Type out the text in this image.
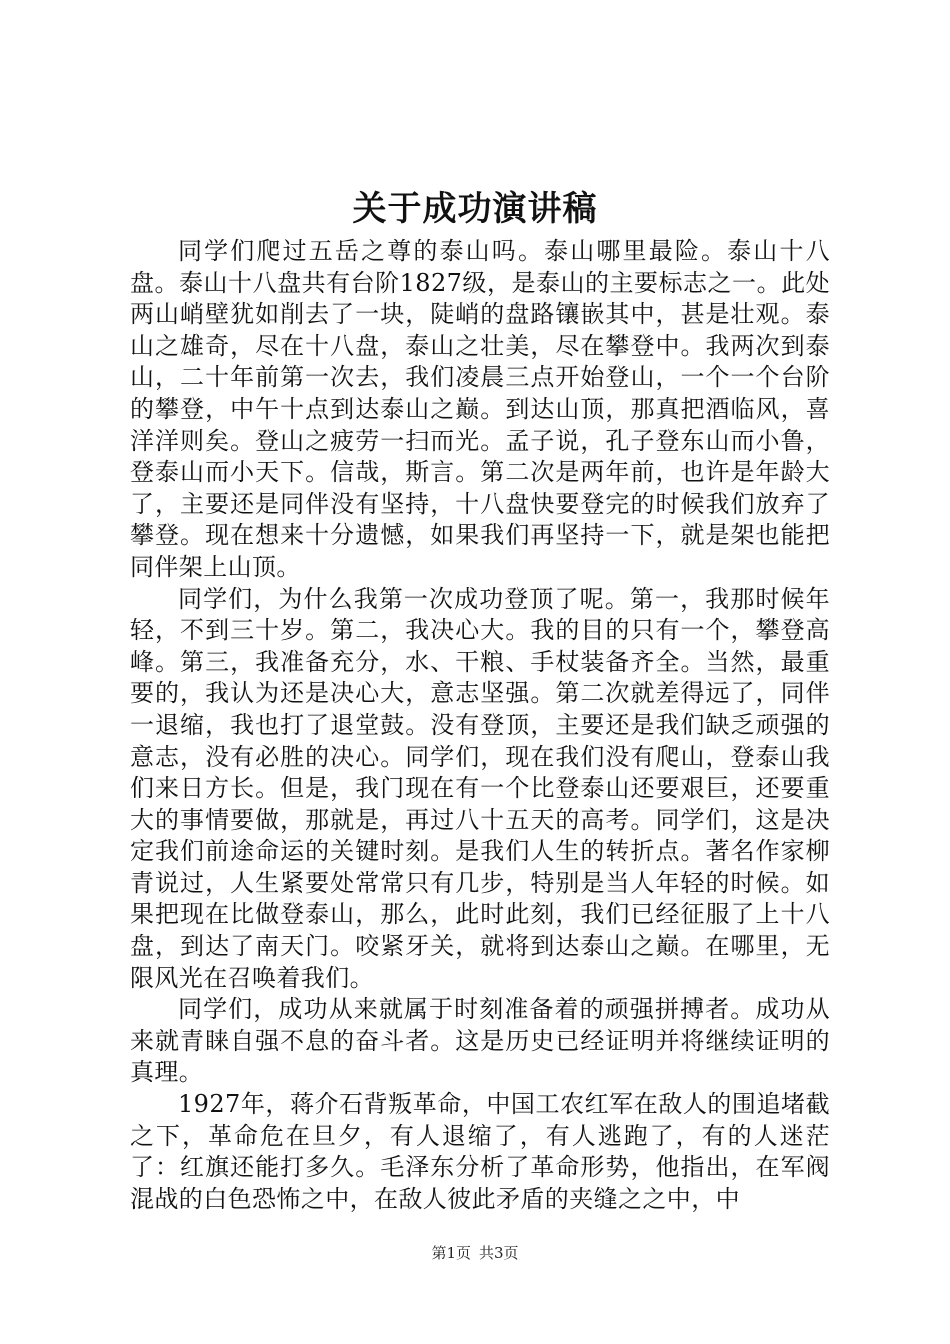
关于成功演讲稿

同学们爬过五岳之尊的泰山吗。泰山哪里最险。泰山十八盘。泰山十八盘共有台阶1827级，是泰山的主要标志之一。此处两山峭壁犹如削去了一块，陡峭的盘路镶嵌其中，甚是壮观。泰山之雄奇，尽在十八盘，泰山之壮美，尽在攀登中。我两次到泰山，二十年前第一次去，我们凌晨三点开始登山，一个一个台阶的攀登，中午十点到达泰山之巅。到达山顶，那真把酒临风，喜洋洋则矣。登山之疲劳一扫而光。孟子说，孔子登东山而小鲁，登泰山而小天下。信哉，斯言。第二次是两年前，也许是年龄大了，主要还是同伴没有坚持，十八盘快要登完的时候我们放弃了攀登。现在想来十分遗憾，如果我们再坚持一下，就是架也能把同伴架上山顶。

同学们，为什么我第一次成功登顶了呢。第一，我那时候年轻，不到三十岁。第二，我决心大。我的目的只有一个，攀登高峰。第三，我准备充分，水、干粮、手杖装备齐全。当然，最重要的，我认为还是决心大，意志坚强。第二次就差得远了，同伴一退缩，我也打了退堂鼓。没有登顶，主要还是我们缺乏顽强的意志，没有必胜的决心。同学们，现在我们没有爬山，登泰山我们来日方长。但是，我门现在有一个比登泰山还要艰巨，还要重大的事情要做，那就是，再过八十五天的高考。同学们，这是决定我们前途命运的关键时刻。是我们人生的转折点。著名作家柳青说过，人生紧要处常常只有几步，特别是当人年轻的时候。如果把现在比做登泰山，那么，此时此刻，我们已经征服了上十八盘，到达了南天门。咬紧牙关，就将到达泰山之巅。在哪里，无限风光在召唤着我们。

同学们，成功从来就属于时刻准备着的顽强拼搏者。成功从来就青睐自强不息的奋斗者。这是历史已经证明并将继续证明的真理。

1927年，蒋介石背叛革命，中国工农红军在敌人的围追堵截之下，革命危在旦夕，有人退缩了，有人逃跑了，有的人迷茫了：红旗还能打多久。毛泽东分析了革命形势，他指出，在军阀混战的白色恐怖之中，在敌人彼此矛盾的夹缝之之中，中

第1页 共3页
